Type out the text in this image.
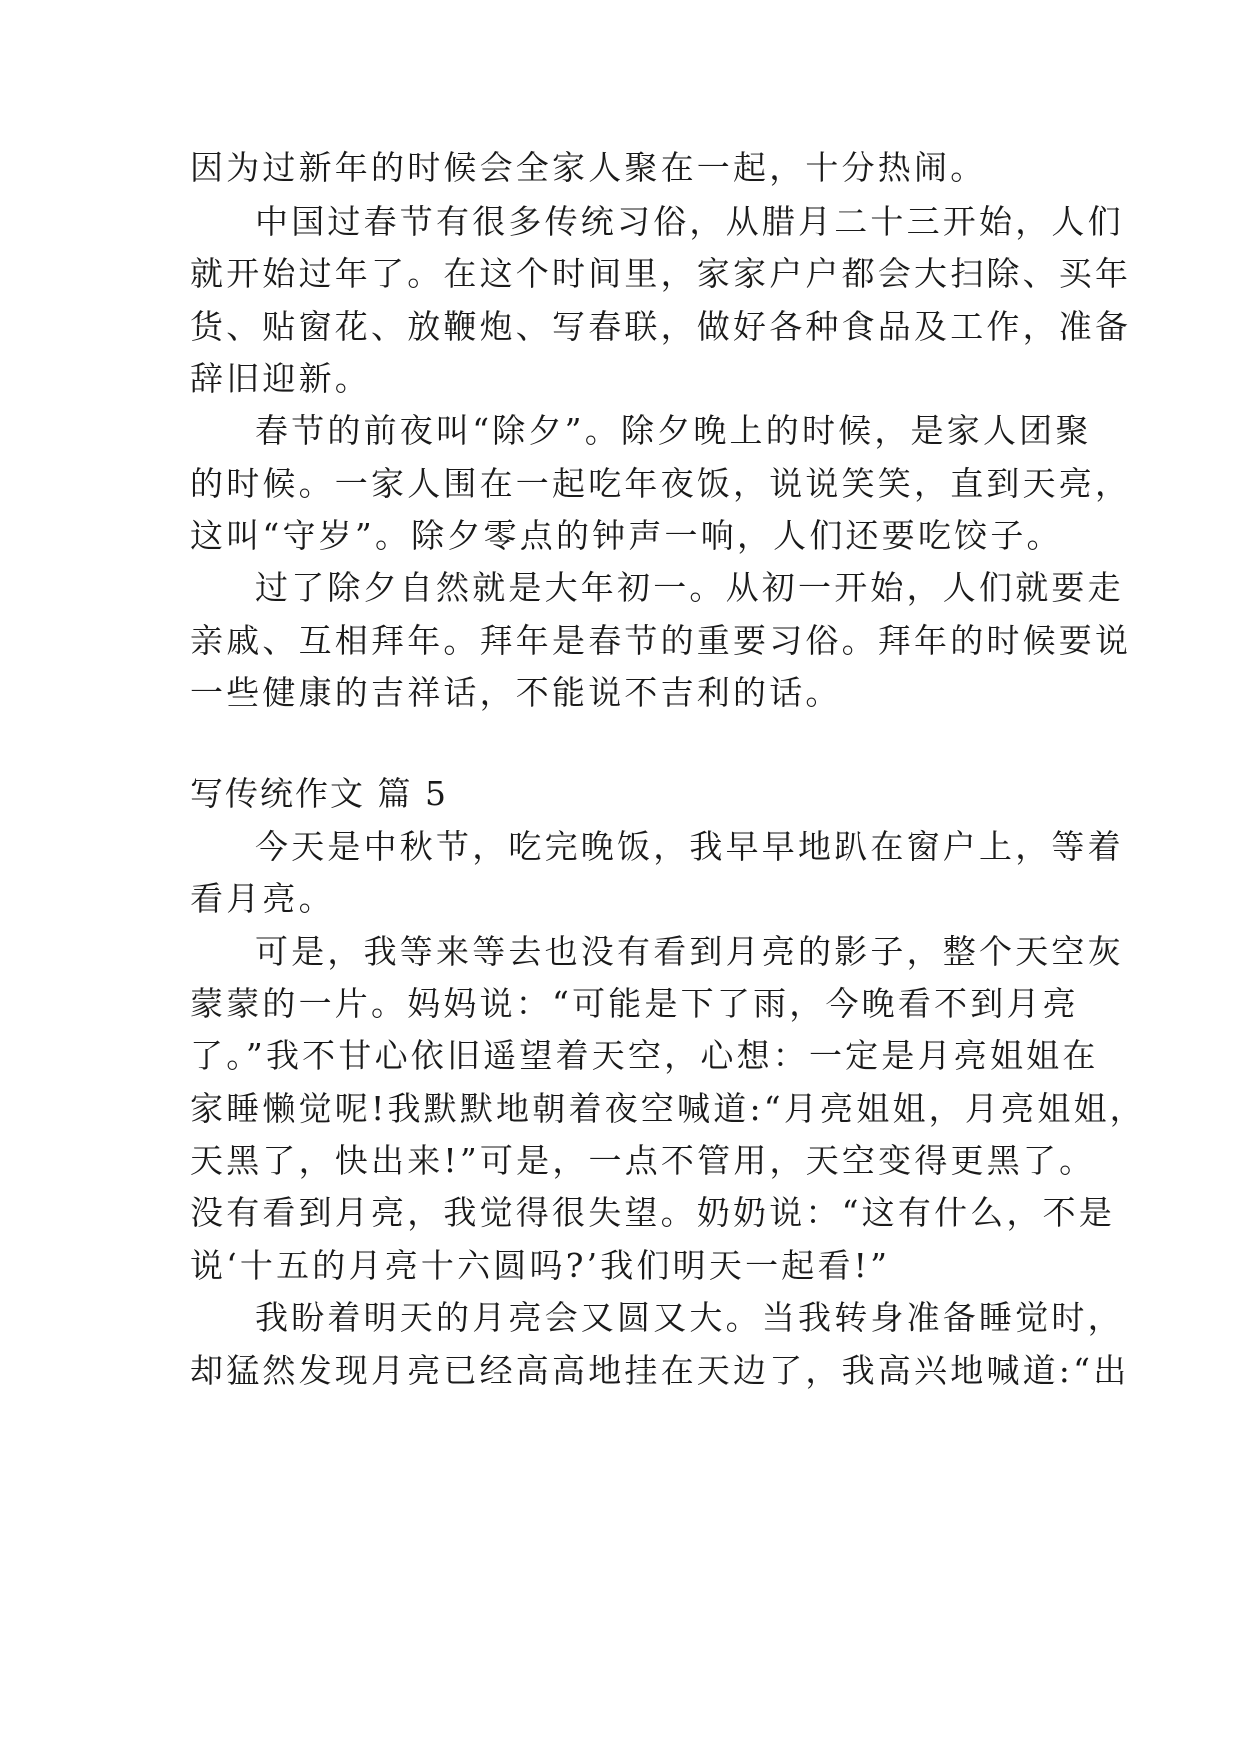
因为过新年的时候会全家人聚在一起，十分热闹。
中国过春节有很多传统习俗，从腊月二十三开始，人们
就开始过年了。在这个时间里，家家户户都会大扫除、买年
货、贴窗花、放鞭炮、写春联，做好各种食品及工作，准备
辞旧迎新。
春节的前夜叫“除夕”。除夕晚上的时候，是家人团聚
的时候。一家人围在一起吃年夜饭，说说笑笑，直到天亮，
这叫“守岁”。除夕零点的钟声一响，人们还要吃饺子。
过了除夕自然就是大年初一。从初一开始，人们就要走
亲戚、互相拜年。拜年是春节的重要习俗。拜年的时候要说
一些健康的吉祥话，不能说不吉利的话。
写传统作文 篇 5
今天是中秋节，吃完晚饭，我早早地趴在窗户上，等着
看月亮。
可是，我等来等去也没有看到月亮的影子，整个天空灰
蒙蒙的一片。妈妈说：“可能是下了雨，今晚看不到月亮
了。”我不甘心依旧遥望着天空，心想：一定是月亮姐姐在
家睡懒觉呢!我默默地朝着夜空喊道:“月亮姐姐，月亮姐姐，
天黑了，快出来!”可是，一点不管用，天空变得更黑了。
没有看到月亮，我觉得很失望。奶奶说：“这有什么，不是
说‘十五的月亮十六圆吗?’我们明天一起看!”
我盼着明天的月亮会又圆又大。当我转身准备睡觉时，
却猛然发现月亮已经高高地挂在天边了，我高兴地喊道:“出
